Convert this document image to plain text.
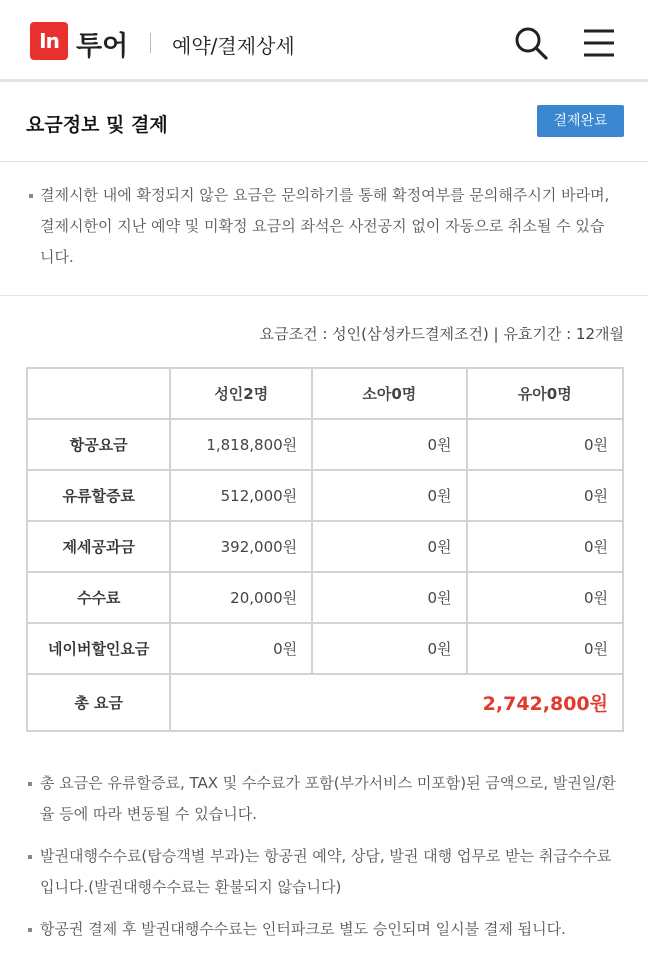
In 투어 예약/결제상세
요금정보 및 결제	결제완료
결제시한 내에 확정되지 않은 요금은 문의하기를 통해 확정여부를 문의해주시기 바라며, 결제시한이 지난 예약 및 미확정 요금의 좌석은 사전공지 없이 자동으로 취소될 수 있습니다.
요금조건 : 성인(삼성카드결제조건) | 유효기간 : 12개월
	성인2명	소아0명	유아0명
항공요금	1,818,800원	0원	0원
유류할증료	512,000원	0원	0원
제세공과금	392,000원	0원	0원
수수료	20,000원	0원	0원
네이버할인요금	0원	0원	0원
총 요금	2,742,800원		
총 요금은 유류할증료, TAX 및 수수료가 포함(부가서비스 미포함)된 금액으로, 발권일/환율 등에 따라 변동될 수 있습니다.
발권대행수수료(탑승객별 부과)는 항공권 예약, 상담, 발권 대행 업무로 받는 취급수수료 입니다.(발권대행수수료는 환불되지 않습니다)
항공권 결제 후 발권대행수수료는 인터파크로 별도 승인되며 일시불 결제 됩니다.
